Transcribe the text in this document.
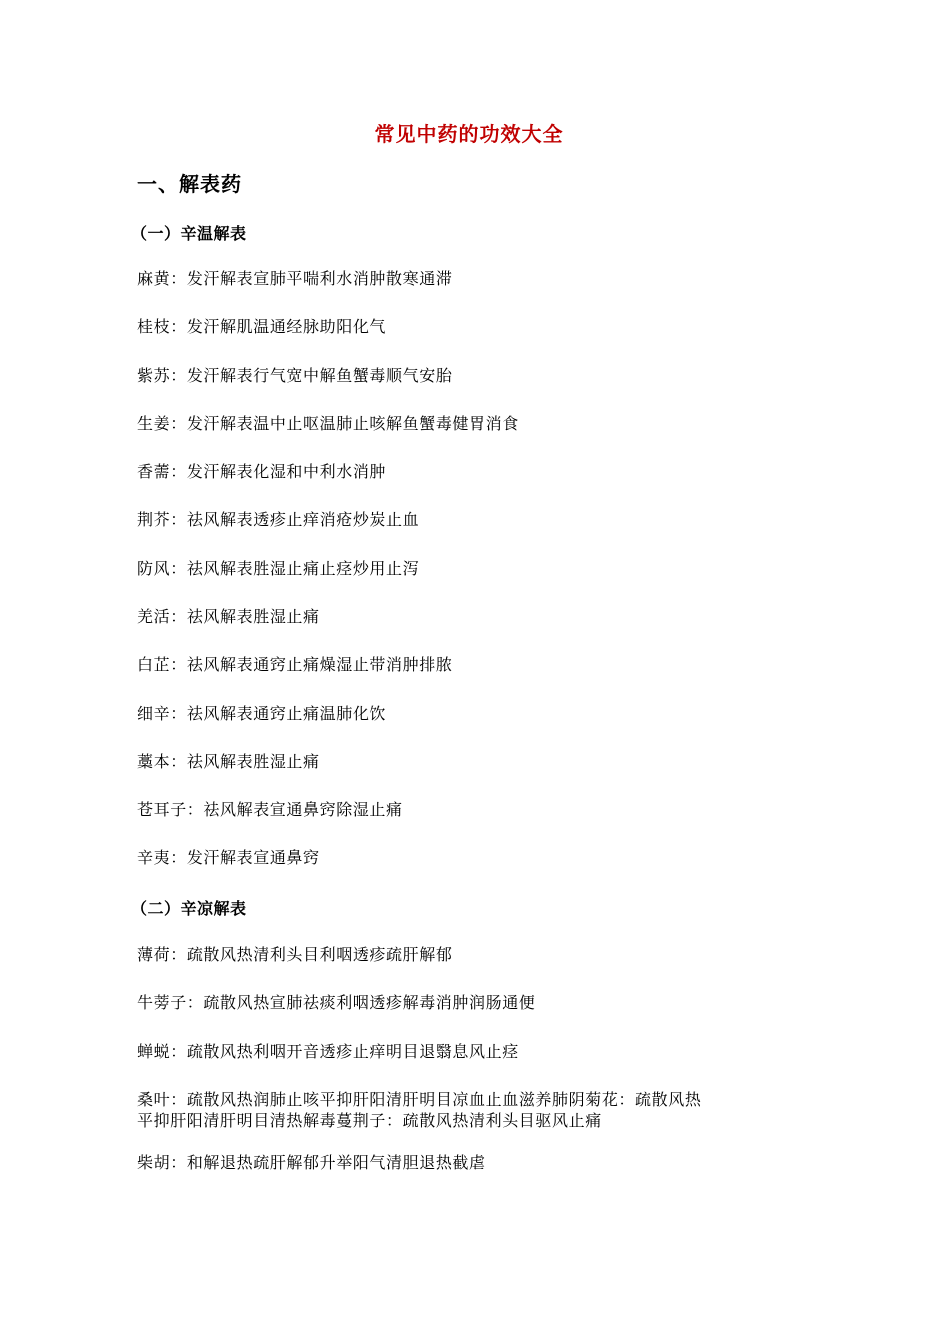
常见中药的功效大全
一、解表药
（一）辛温解表
麻黄：发汗解表宣肺平喘利水消肿散寒通滞
桂枝：发汗解肌温通经脉助阳化气
紫苏：发汗解表行气宽中解鱼蟹毒顺气安胎
生姜：发汗解表温中止呕温肺止咳解鱼蟹毒健胃消食
香薷：发汗解表化湿和中利水消肿
荆芥：祛风解表透疹止痒消疮炒炭止血
防风：祛风解表胜湿止痛止痉炒用止泻
羌活：祛风解表胜湿止痛
白芷：祛风解表通窍止痛燥湿止带消肿排脓
细辛：祛风解表通窍止痛温肺化饮
藁本：祛风解表胜湿止痛
苍耳子：祛风解表宣通鼻窍除湿止痛
辛夷：发汗解表宣通鼻窍
（二）辛凉解表
薄荷：疏散风热清利头目利咽透疹疏肝解郁
牛蒡子：疏散风热宣肺祛痰利咽透疹解毒消肿润肠通便
蝉蜕：疏散风热利咽开音透疹止痒明目退翳息风止痉
桑叶：疏散风热润肺止咳平抑肝阳清肝明目凉血止血滋养肺阴菊花：疏散风热平抑肝阳清肝明目清热解毒蔓荆子：疏散风热清利头目驱风止痛
柴胡：和解退热疏肝解郁升举阳气清胆退热截虐
